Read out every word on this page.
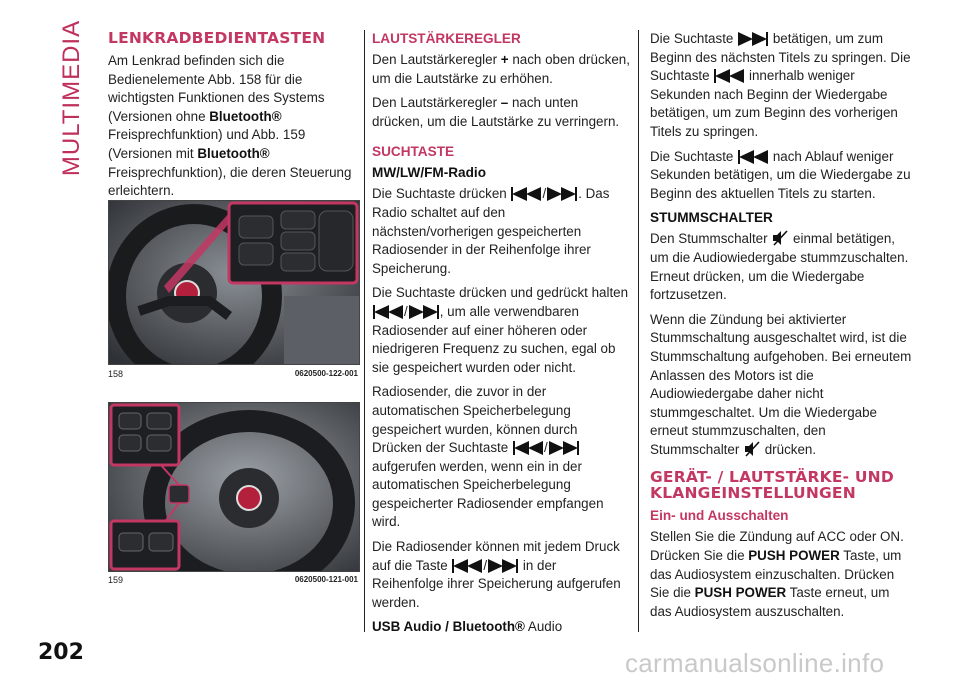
MULTIMEDIA LENKRADBEDIENTASTEN

Am Lenkrad befinden sich die Bedienelemente Abb. 158 für die wichtigsten Funktionen des Systems (Versionen ohne Bluetooth® Freisprechfunktion) und Abb. 159 (Versionen mit Bluetooth® Freisprechfunktion), die deren Steuerung erleichtern.

158	0620500-122-001
159	0620500-121-001
LAUTSTÄRKEREGLER

Den Lautstärkeregler + nach oben drücken, um die Lautstärke zu erhöhen.

Den Lautstärkeregler – nach unten drücken, um die Lautstärke zu verringern.

SUCHTASTE
MW/LW/FM-Radio

Die Suchtaste drücken / . Das Radio schaltet auf den nächsten/vorherigen gespeicherten Radiosender in der Reihenfolge ihrer Speicherung.

Die Suchtaste drücken und gedrückt halten / , um alle verwendbaren Radiosender auf einer höheren oder niedrigeren Frequenz zu suchen, egal ob sie gespeichert wurden oder nicht.

Radiosender, die zuvor in der automatischen Speicherbelegung gespeichert wurden, können durch Drücken der Suchtaste / aufgerufen werden, wenn ein in der automatischen Speicherbelegung gespeicherter Radiosender empfangen wird.

Die Radiosender können mit jedem Druck auf die Taste / in der Reihenfolge ihrer Speicherung aufgerufen werden.

USB Audio / Bluetooth® Audio

Die Suchtaste  betätigen, um zum Beginn des nächsten Titels zu springen. Die Suchtaste  innerhalb weniger Sekunden nach Beginn der Wiedergabe betätigen, um zum Beginn des vorherigen Titels zu springen.

Die Suchtaste  nach Ablauf weniger Sekunden betätigen, um die Wiedergabe zu Beginn des aktuellen Titels zu starten.

STUMMSCHALTER

Den Stummschalter  einmal betätigen, um die Audiowiedergabe stummzuschalten. Erneut drücken, um die Wiedergabe fortzusetzen.

Wenn die Zündung bei aktivierter Stummschaltung ausgeschaltet wird, ist die Stummschaltung aufgehoben. Bei erneutem Anlassen des Motors ist die Audiowiedergabe daher nicht stummgeschaltet. Um die Wiedergabe erneut stummzuschalten, den Stummschalter  drücken.

GERÄT- / LAUTSTÄRKE- UND KLANGEINSTELLUNGEN
Ein- und Ausschalten

Stellen Sie die Zündung auf ACC oder ON. Drücken Sie die PUSH POWER Taste, um das Audiosystem einzuschalten. Drücken Sie die PUSH POWER Taste erneut, um das Audiosystem auszuschalten.

202	carmanualsonline.info
